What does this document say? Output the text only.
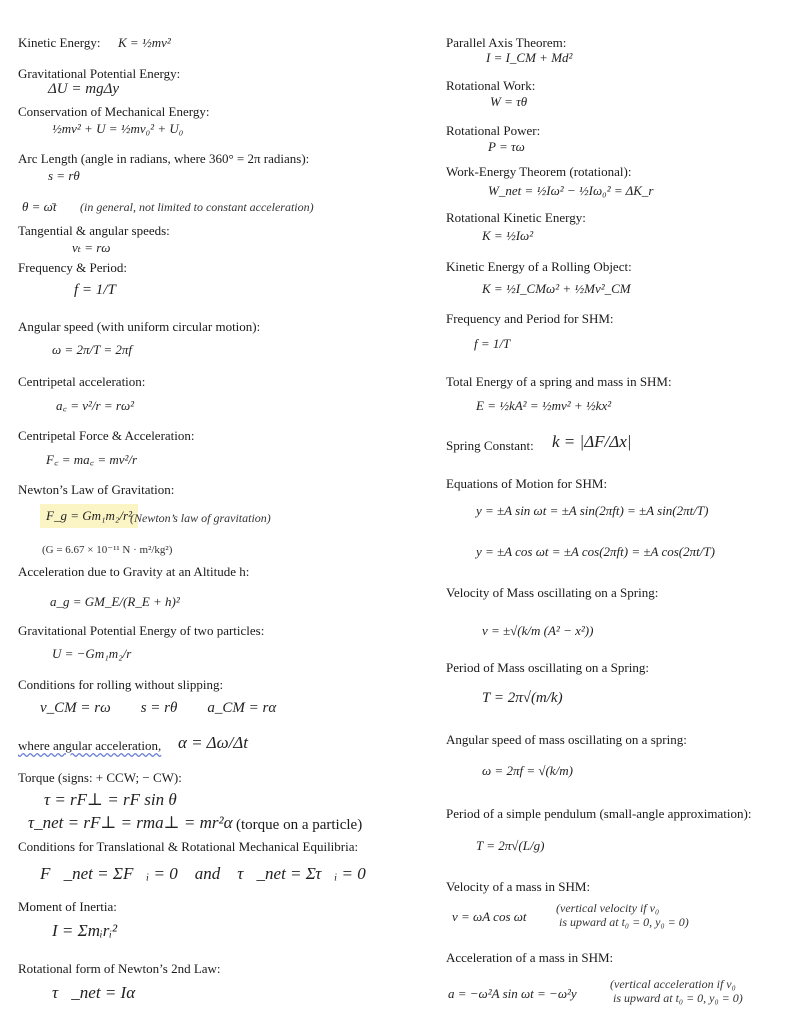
Kinetic Energy: K = ½mv²
Gravitational Potential Energy:
ΔU = mgΔy
Conservation of Mechanical Energy:
½mv² + U = ½mv₀² + U₀
Arc Length (angle in radians, where 360° = 2π radians):
s = rθ
θ = ω̄t (in general, not limited to constant acceleration)
Tangential & angular speeds:
vₜ = rω
Frequency & Period:
f = 1/T
Angular speed (with uniform circular motion):
ω = 2π/T = 2πf
Centripetal acceleration:
a꜀ = v²/r = rω²
Centripetal Force & Acceleration:
F꜀ = ma꜀ = mv²/r
Newton’s Law of Gravitation:
F_g = Gm₁m₂/r²
(Newton’s law of gravitation)
(G = 6.67 × 10⁻¹¹ N · m²/kg²)
Acceleration due to Gravity at an Altitude h:
a_g = GM_E/(R_E + h)²
Gravitational Potential Energy of two particles:
U = −Gm₁m₂/r
Conditions for rolling without slipping:
v_CM = rω        s = rθ        a_CM = rα
where angular acceleration, α = Δω/Δt
Torque (signs: + CCW; − CW):
τ = rF⊥ = rF sin θ
τ_net = rF⊥ = rma⊥ = mr²α (torque on a particle)
Conditions for Translational & Rotational Mechanical Equilibria:
F⃗_net = ΣF⃗ᵢ = 0    and    τ⃗_net = Στ⃗ᵢ = 0
Moment of Inertia:
I = Σmᵢrᵢ²
Rotational form of Newton’s 2nd Law:
τ⃗_net = Iα⃗
Parallel Axis Theorem:
I = I_CM + Md²
Rotational Work:
W = τθ
Rotational Power:
P = τω
Work-Energy Theorem (rotational):
W_net = ½Iω² − ½Iω₀² = ΔK_r
Rotational Kinetic Energy:
K = ½Iω²
Kinetic Energy of a Rolling Object:
K = ½I_CMω² + ½Mv²_CM
Frequency and Period for SHM:
f = 1/T
Total Energy of a spring and mass in SHM:
E = ½kA² = ½mv² + ½kx²
Spring Constant: k = |ΔF/Δx|
Equations of Motion for SHM:
y = ±A sin ωt = ±A sin(2πft) = ±A sin(2πt/T)
y = ±A cos ωt = ±A cos(2πft) = ±A cos(2πt/T)
Velocity of Mass oscillating on a Spring:
v = ±√(k/m (A² − x²))
Period of Mass oscillating on a Spring:
T = 2π√(m/k)
Angular speed of mass oscillating on a spring:
ω = 2πf = √(k/m)
Period of a simple pendulum (small-angle approximation):
T = 2π√(L/g)
Velocity of a mass in SHM:
v = ωA cos ωt
(vertical velocity if v₀
is upward at t₀ = 0, y₀ = 0)
Acceleration of a mass in SHM:
a = −ω²A sin ωt = −ω²y
(vertical acceleration if v₀
is upward at t₀ = 0, y₀ = 0)
